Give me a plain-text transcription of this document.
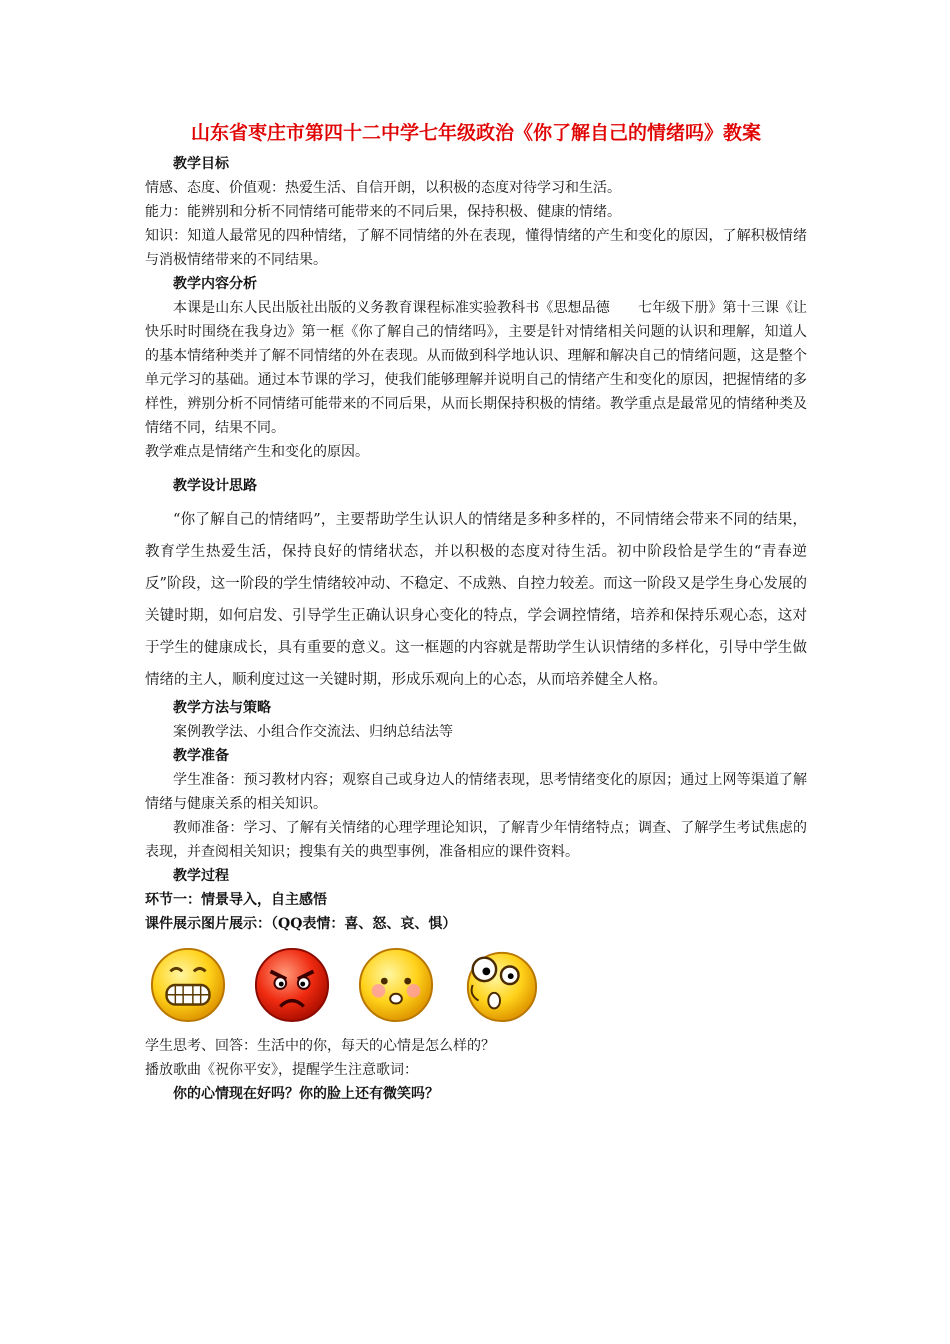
山东省枣庄市第四十二中学七年级政治《你了解自己的情绪吗》教案

教学目标

情感、态度、价值观：热爱生活、自信开朗，以积极的态度对待学习和生活。

能力：能辨别和分析不同情绪可能带来的不同后果，保持积极、健康的情绪。

知识：知道人最常见的四种情绪，了解不同情绪的外在表现，懂得情绪的产生和变化的原因，了解积极情绪与消极情绪带来的不同结果。

教学内容分析

本课是山东人民出版社出版的义务教育课程标准实验教科书《思想品德　　七年级下册》第十三课《让快乐时时围绕在我身边》第一框《你了解自己的情绪吗》，主要是针对情绪相关问题的认识和理解，知道人的基本情绪种类并了解不同情绪的外在表现。从而做到科学地认识、理解和解决自己的情绪问题，这是整个单元学习的基础。通过本节课的学习，使我们能够理解并说明自己的情绪产生和变化的原因，把握情绪的多样性，辨别分析不同情绪可能带来的不同后果，从而长期保持积极的情绪。教学重点是最常见的情绪种类及情绪不同，结果不同。

教学难点是情绪产生和变化的原因。

教学设计思路

“你了解自己的情绪吗”，主要帮助学生认识人的情绪是多种多样的，不同情绪会带来不同的结果，教育学生热爱生活，保持良好的情绪状态，并以积极的态度对待生活。初中阶段恰是学生的“青春逆反”阶段，这一阶段的学生情绪较冲动、不稳定、不成熟、自控力较差。而这一阶段又是学生身心发展的关键时期，如何启发、引导学生正确认识身心变化的特点，学会调控情绪，培养和保持乐观心态，这对于学生的健康成长，具有重要的意义。这一框题的内容就是帮助学生认识情绪的多样化，引导中学生做情绪的主人，顺利度过这一关键时期，形成乐观向上的心态，从而培养健全人格。

教学方法与策略

案例教学法、小组合作交流法、归纳总结法等

教学准备

学生准备：预习教材内容；观察自己或身边人的情绪表现，思考情绪变化的原因；通过上网等渠道了解情绪与健康关系的相关知识。

教师准备：学习、了解有关情绪的心理学理论知识，了解青少年情绪特点；调查、了解学生考试焦虑的表现，并查阅相关知识；搜集有关的典型事例，准备相应的课件资料。

教学过程

环节一：情景导入，自主感悟

课件展示图片展示：（QQ表情：喜、怒、哀、惧）

学生思考、回答：生活中的你，每天的心情是怎么样的？

播放歌曲《祝你平安》，提醒学生注意歌词：

你的心情现在好吗？你的脸上还有微笑吗？
